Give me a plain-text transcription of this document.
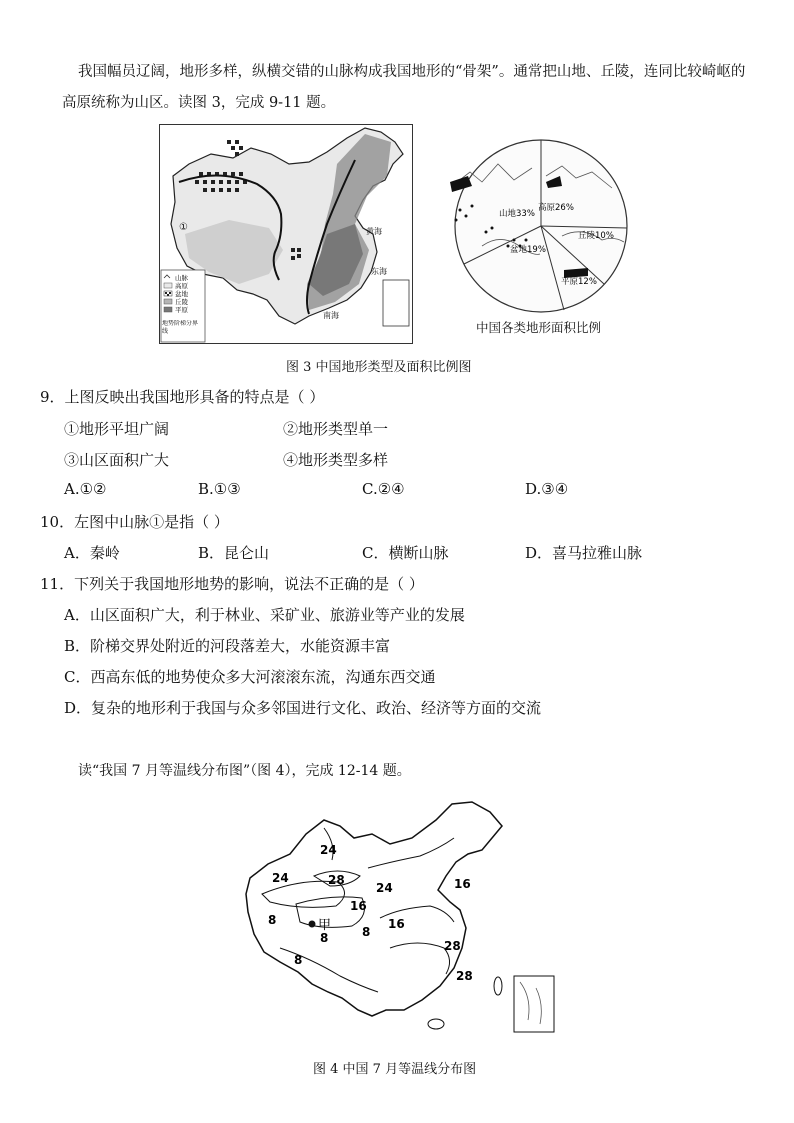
我国幅员辽阔，地形多样，纵横交错的山脉构成我国地形的“骨架”。通常把山地、丘陵，连同比较崎岖的高原统称为山区。读图 3，完成 9-11 题。
①	黄海
东海
南海
山脉
高原
盆地
丘陵
平原
地势阶梯分界线
山地33%
高原26%
丘陵10%
平原12%
盆地19%
中国各类地形面积比例
图 3 中国地形类型及面积比例图
9．上图反映出我国地形具备的特点是（ ）
①地形平坦广阔	②地形类型单一
③山区面积广大	④地形类型多样
A.①②	B.①③	C.②④	D.③④
10．左图中山脉①是指（ ）
A．秦岭	B．昆仑山	C．横断山脉	D．喜马拉雅山脉
11．下列关于我国地形地势的影响，说法不正确的是（ ）
A．山区面积广大，利于林业、采矿业、旅游业等产业的发展
B．阶梯交界处附近的河段落差大，水能资源丰富
C．西高东低的地势使众多大河滚滚东流，沟通东西交通
D．复杂的地形利于我国与众多邻国进行文化、政治、经济等方面的交流
读“我国 7 月等温线分布图”（图 4），完成 12-14 题。
24
28
24
24	16
16
8	16
8	8
8
28
28
甲
图 4 中国 7 月等温线分布图
